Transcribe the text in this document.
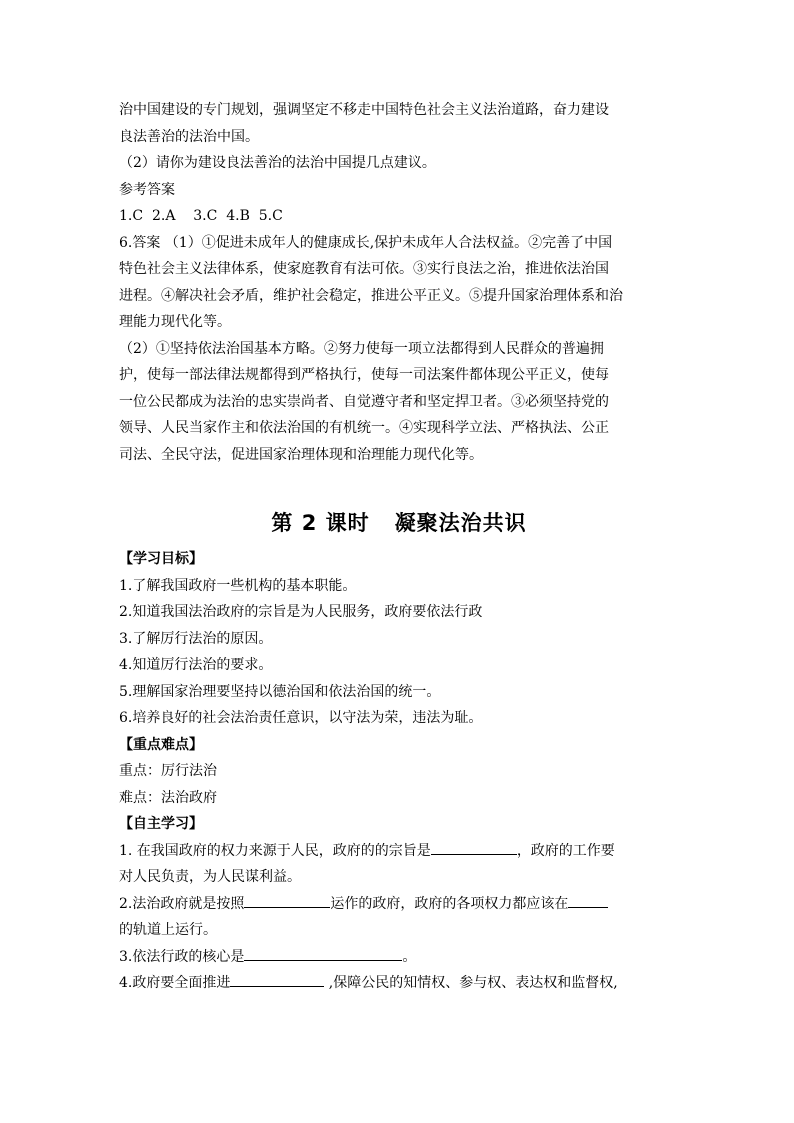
治中国建设的专门规划，强调坚定不移走中国特色社会主义法治道路，奋力建设
良法善治的法治中国。
（2）请你为建设良法善治的法治中国提几点建议。
参考答案
1.C  2.A    3.C  4.B  5.C
6.答案 （1）①促进未成年人的健康成长,保护未成年人合法权益。②完善了中国
特色社会主义法律体系，使家庭教育有法可依。③实行良法之治，推进依法治国
进程。④解决社会矛盾，维护社会稳定，推进公平正义。⑤提升国家治理体系和治
理能力现代化等。
（2）①坚持依法治国基本方略。②努力使每一项立法都得到人民群众的普遍拥
护，使每一部法律法规都得到严格执行，使每一司法案件都体现公平正义，使每
一位公民都成为法治的忠实崇尚者、自觉遵守者和坚定捍卫者。③必须坚持党的
领导、人民当家作主和依法治国的有机统一。④实现科学立法、严格执法、公正
司法、全民守法，促进国家治理体现和治理能力现代化等。
第 2 课时   凝聚法治共识
【学习目标】
1.了解我国政府一些机构的基本职能。
2.知道我国法治政府的宗旨是为人民服务，政府要依法行政
3.了解厉行法治的原因。
4.知道厉行法治的要求。
5.理解国家治理要坚持以德治国和依法治国的统一。
6.培养良好的社会法治责任意识，以守法为荣，违法为耻。
【重点难点】
重点：厉行法治
难点：法治政府
【自主学习】
1. 在我国政府的权力来源于人民，政府的的宗旨是	，政府的工作要
对人民负责，为人民谋利益。
2.法治政府就是按照	运作的政府，政府的各项权力都应该在
的轨道上运行。
3.依法行政的核心是	。
4.政府要全面推进	,保障公民的知情权、参与权、表达权和监督权,
